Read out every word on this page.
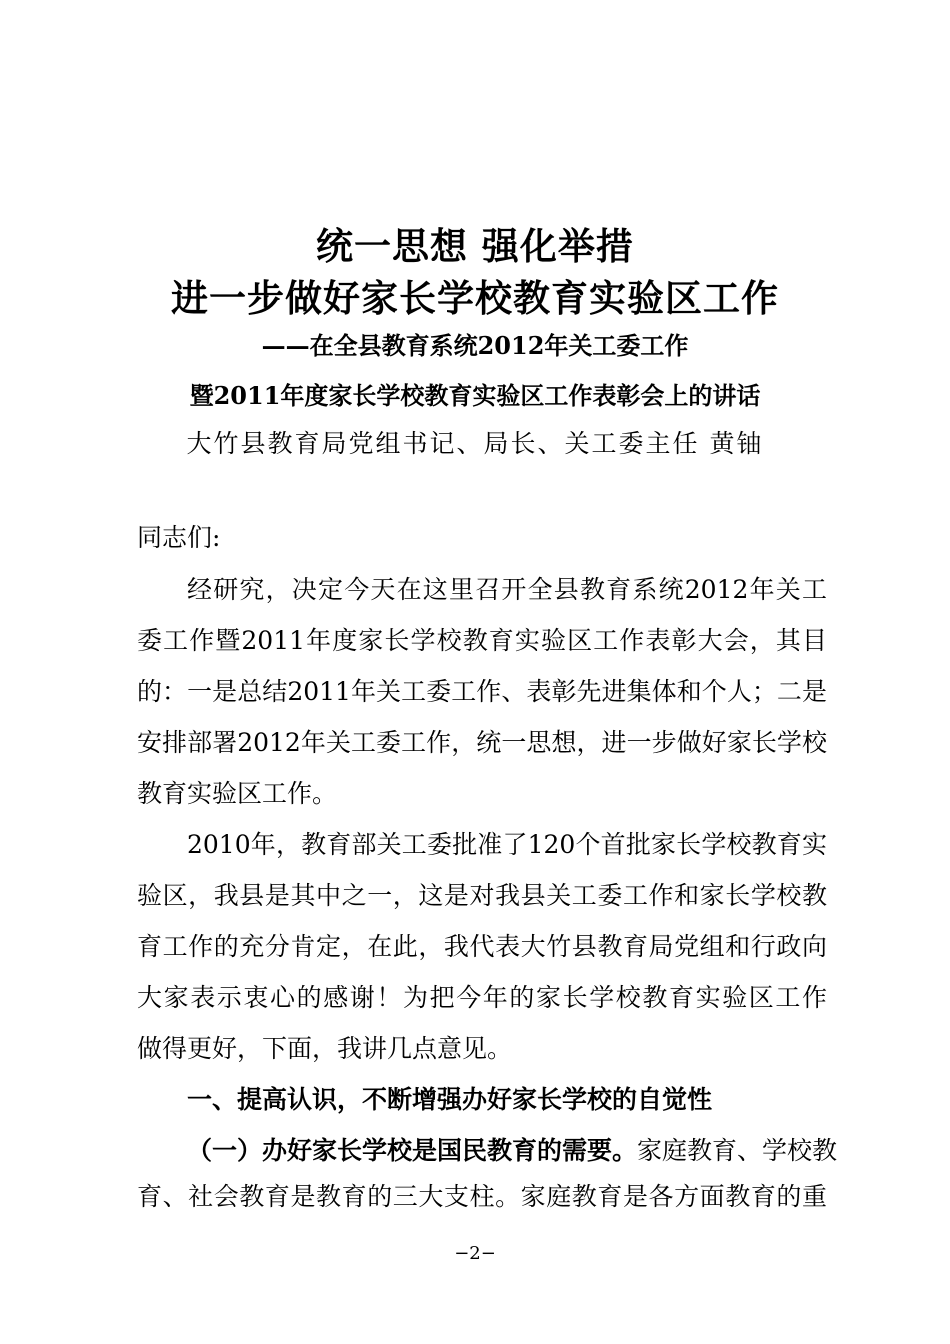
统一思想 强化举措
进一步做好家长学校教育实验区工作
——在全县教育系统2012年关工委工作
暨2011年度家长学校教育实验区工作表彰会上的讲话
大竹县教育局党组书记、局长、关工委主任 黄铀
同志们:
经研究，决定今天在这里召开全县教育系统2012年关工
委工作暨2011年度家长学校教育实验区工作表彰大会，其目
的：一是总结2011年关工委工作、表彰先进集体和个人；二是
安排部署2012年关工委工作，统一思想，进一步做好家长学校
教育实验区工作。
2010年，教育部关工委批准了120个首批家长学校教育实
验区，我县是其中之一，这是对我县关工委工作和家长学校教
育工作的充分肯定，在此，我代表大竹县教育局党组和行政向
大家表示衷心的感谢！为把今年的家长学校教育实验区工作
做得更好，下面，我讲几点意见。
一、提高认识，不断增强办好家长学校的自觉性
（一）办好家长学校是国民教育的需要。家庭教育、学校教
育、社会教育是教育的三大支柱。家庭教育是各方面教育的重
−2−
